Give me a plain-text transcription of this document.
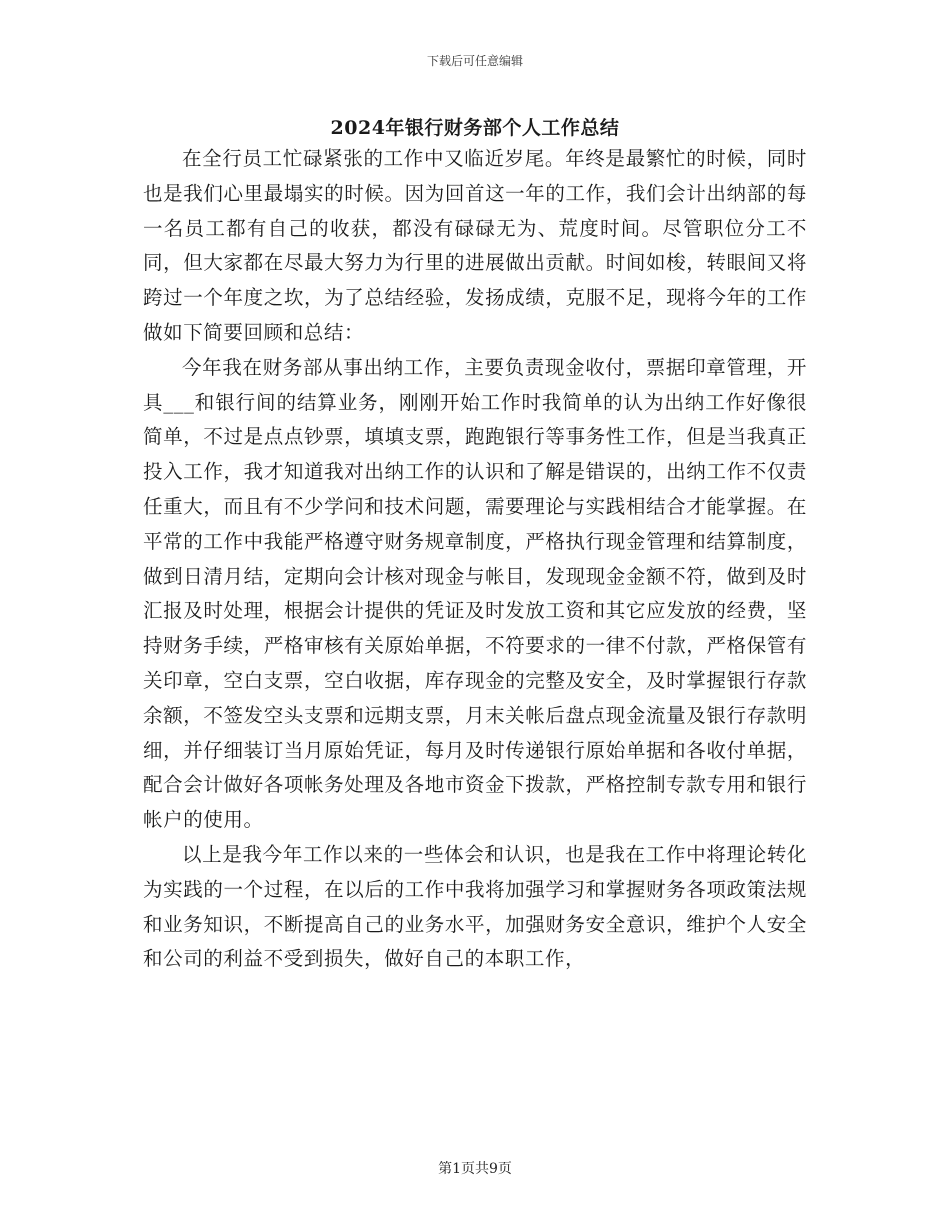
下载后可任意编辑
2024年银行财务部个人工作总结

在全行员工忙碌紧张的工作中又临近岁尾。年终是最繁忙的时候，同时也是我们心里最塌实的时候。因为回首这一年的工作，我们会计出纳部的每一名员工都有自己的收获，都没有碌碌无为、荒度时间。尽管职位分工不同，但大家都在尽最大努力为行里的进展做出贡献。时间如梭，转眼间又将跨过一个年度之坎，为了总结经验，发扬成绩，克服不足，现将今年的工作做如下简要回顾和总结：

今年我在财务部从事出纳工作，主要负责现金收付，票据印章管理，开具___和银行间的结算业务，刚刚开始工作时我简单的认为出纳工作好像很简单，不过是点点钞票，填填支票，跑跑银行等事务性工作，但是当我真正投入工作，我才知道我对出纳工作的认识和了解是错误的，出纳工作不仅责任重大，而且有不少学问和技术问题，需要理论与实践相结合才能掌握。在平常的工作中我能严格遵守财务规章制度，严格执行现金管理和结算制度，做到日清月结，定期向会计核对现金与帐目，发现现金金额不符，做到及时汇报及时处理，根据会计提供的凭证及时发放工资和其它应发放的经费，坚持财务手续，严格审核有关原始单据，不符要求的一律不付款，严格保管有关印章，空白支票，空白收据，库存现金的完整及安全，及时掌握银行存款余额，不签发空头支票和远期支票，月末关帐后盘点现金流量及银行存款明细，并仔细装订当月原始凭证，每月及时传递银行原始单据和各收付单据，配合会计做好各项帐务处理及各地市资金下拨款，严格控制专款专用和银行帐户的使用。

以上是我今年工作以来的一些体会和认识，也是我在工作中将理论转化为实践的一个过程，在以后的工作中我将加强学习和掌握财务各项政策法规和业务知识，不断提高自己的业务水平，加强财务安全意识，维护个人安全和公司的利益不受到损失，做好自己的本职工作，

第1页共9页
